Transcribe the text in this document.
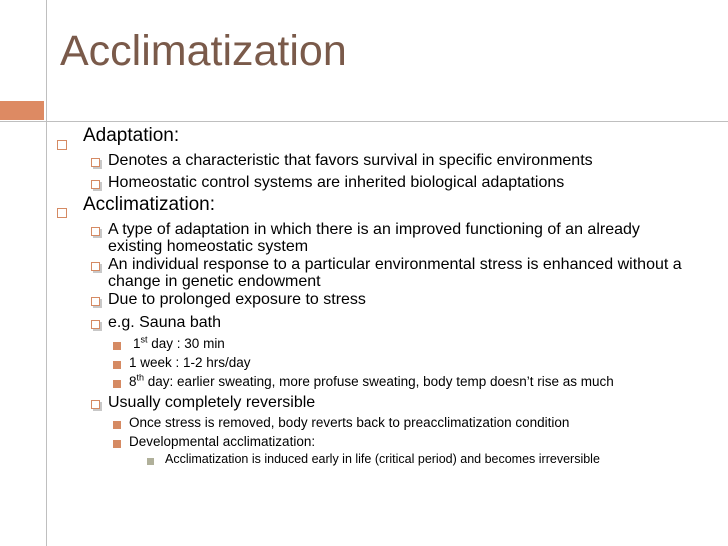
Acclimatization
Adaptation:
Denotes a characteristic that favors survival in specific environments
Homeostatic control systems are inherited biological adaptations
Acclimatization:
A type of adaptation in which there is an improved functioning of an already
existing homeostatic system
An individual response to a particular environmental stress is enhanced without a
change in genetic endowment
Due to prolonged exposure to stress
e.g. Sauna bath
1st day : 30 min
1 week : 1-2 hrs/day
8th day: earlier sweating, more profuse sweating, body temp doesn’t rise as much
Usually completely reversible
Once stress is removed, body reverts back to preacclimatization condition
Developmental acclimatization:
Acclimatization is induced early in life (critical period) and becomes irreversible
